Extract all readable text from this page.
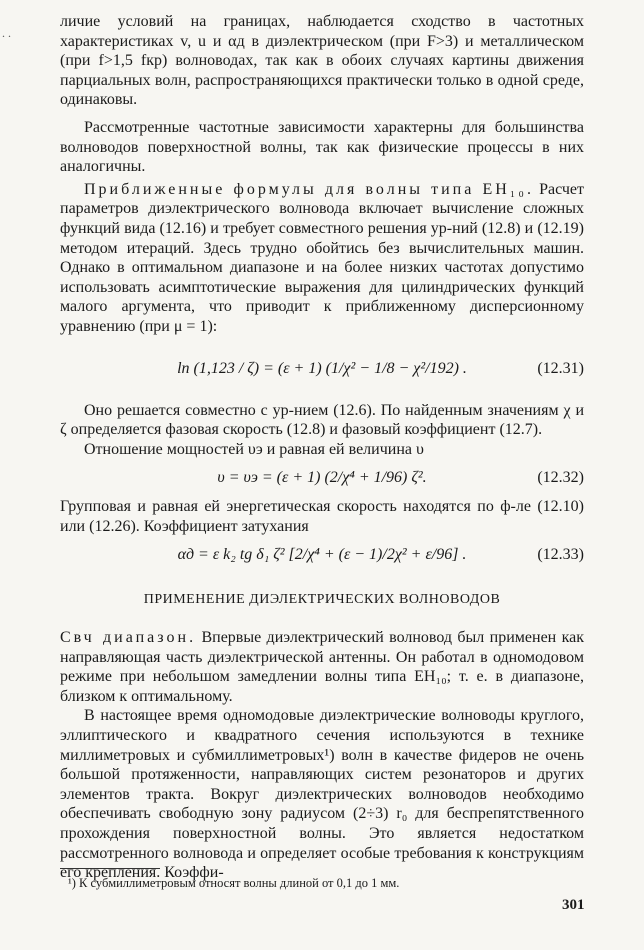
. .

личие условий на границах, наблюдается сходство в частотных характеристиках v, u и αд в диэлектрическом (при F>3) и металлическом (при f>1,5 fкр) волноводах, так как в обоих случаях картины движения парциальных волн, распространяющихся практически только в одной среде, одинаковы.

Рассмотренные частотные зависимости характерны для большинства волноводов поверхностной волны, так как физические процессы в них аналогичны.

Приближенные формулы для волны типа EH₁₀. Расчет параметров диэлектрического волновода включает вычисление сложных функций вида (12.16) и требует совместного решения ур-ний (12.8) и (12.19) методом итераций. Здесь трудно обойтись без вычислительных машин. Однако в оптимальном диапазоне и на более низких частотах допустимо использовать асимптотические выражения для цилиндрических функций малого аргумента, что приводит к приближенному дисперсионному уравнению (при μ = 1):

ln (1,123 / ζ) = (ε + 1) (1/χ² − 1/8 − χ²/192) .	(12.31)

Оно решается совместно с ур-нием (12.6). По найденным значениям χ и ζ определяется фазовая скорость (12.8) и фазовый коэффициент (12.7).

Отношение мощностей υэ и равная ей величина υ

υ = υэ = (ε + 1) (2/χ⁴ + 1/96) ζ².	(12.32)

Групповая и равная ей энергетическая скорость находятся по ф-ле (12.10) или (12.26). Коэффициент затухания

αд = ε k₂ tg δ₁ ζ² [2/χ⁴ + (ε − 1)/2χ² + ε/96] .	(12.33)
ПРИМЕНЕНИЕ ДИЭЛЕКТРИЧЕСКИХ ВОЛНОВОДОВ

Свч диапазон. Впервые диэлектрический волновод был применен как направляющая часть диэлектрической антенны. Он работал в одномодовом режиме при небольшом замедлении волны типа EH₁₀; т. е. в диапазоне, близком к оптимальному.

В настоящее время одномодовые диэлектрические волноводы круглого, эллиптического и квадратного сечения используются в технике миллиметровых и субмиллиметровых¹) волн в качестве фидеров не очень большой протяженности, направляющих систем резонаторов и других элементов тракта. Вокруг диэлектрических волноводов необходимо обеспечивать свободную зону радиусом (2÷3) r₀ для беспрепятственного прохождения поверхностной волны. Это является недостатком рассмотренного волновода и определяет особые требования к конструкциям его крепления. Коэффи-

¹) К субмиллиметровым относят волны длиной от 0,1 до 1 мм.
301
